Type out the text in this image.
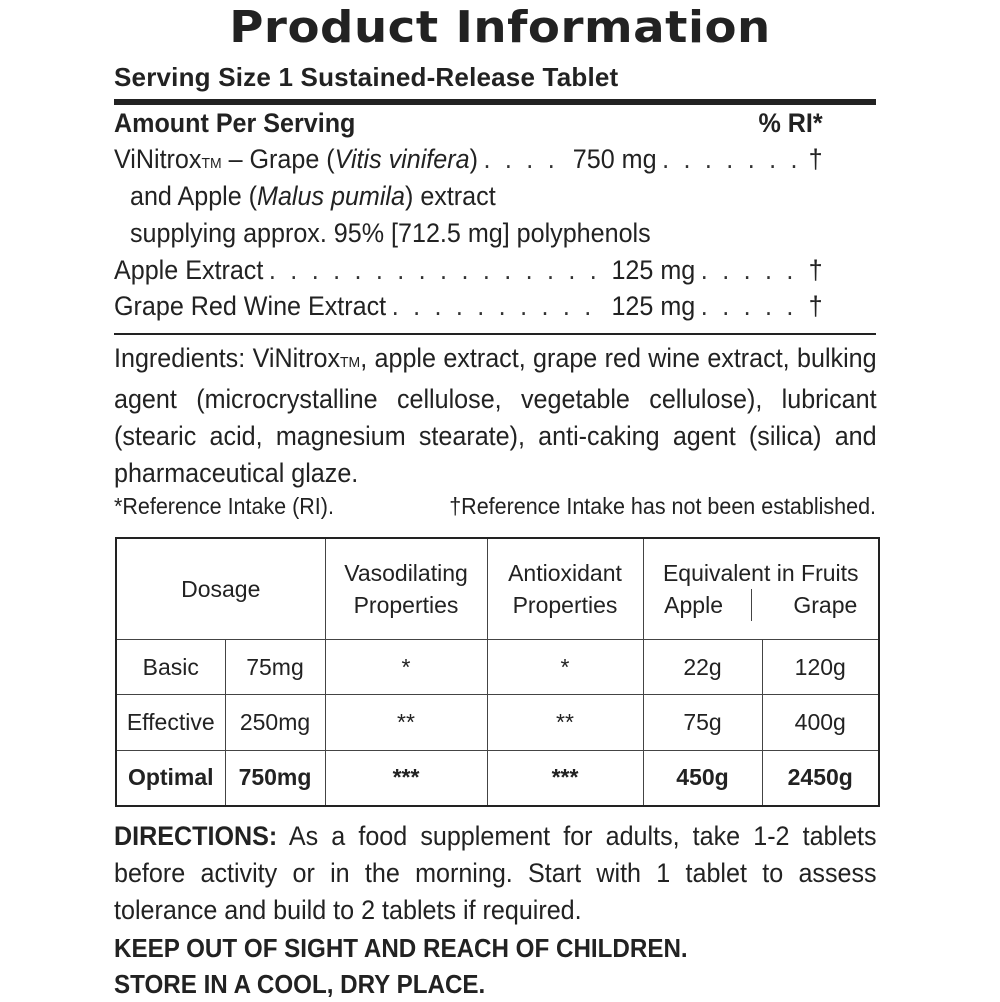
Product Information
Serving Size 1 Sustained-Release Tablet
Amount Per Serving	% RI*
ViNitroxTM – Grape (Vitis vinifera) . . .	750 mg . . .	†
and Apple (Malus pumila) extract
supplying approx. 95% [712.5 mg] polyphenols
Apple Extract . . .	125 mg . . .	†
Grape Red Wine Extract . . .	125 mg . . .	†
Ingredients: ViNitroxTM, apple extract, grape red wine extract, bulking agent (microcrystalline cellulose, vegetable cellulose), lubricant (stearic acid, magnesium stearate), anti-caking agent (silica) and pharmaceutical glaze.
*Reference Intake (RI).	†Reference Intake has not been established.
Dosage		Vasodilating Properties	Antioxidant Properties	Equivalent in Fruits
Apple Grape

Basic	75mg	*	*	22g 120g

Effective	250mg	**	**	75g 400g

Optimal	750mg	***	***	450g 2450g
DIRECTIONS: As a food supplement for adults, take 1-2 tablets before activity or in the morning. Start with 1 tablet to assess tolerance and build to 2 tablets if required.
KEEP OUT OF SIGHT AND REACH OF CHILDREN.
STORE IN A COOL, DRY PLACE.
